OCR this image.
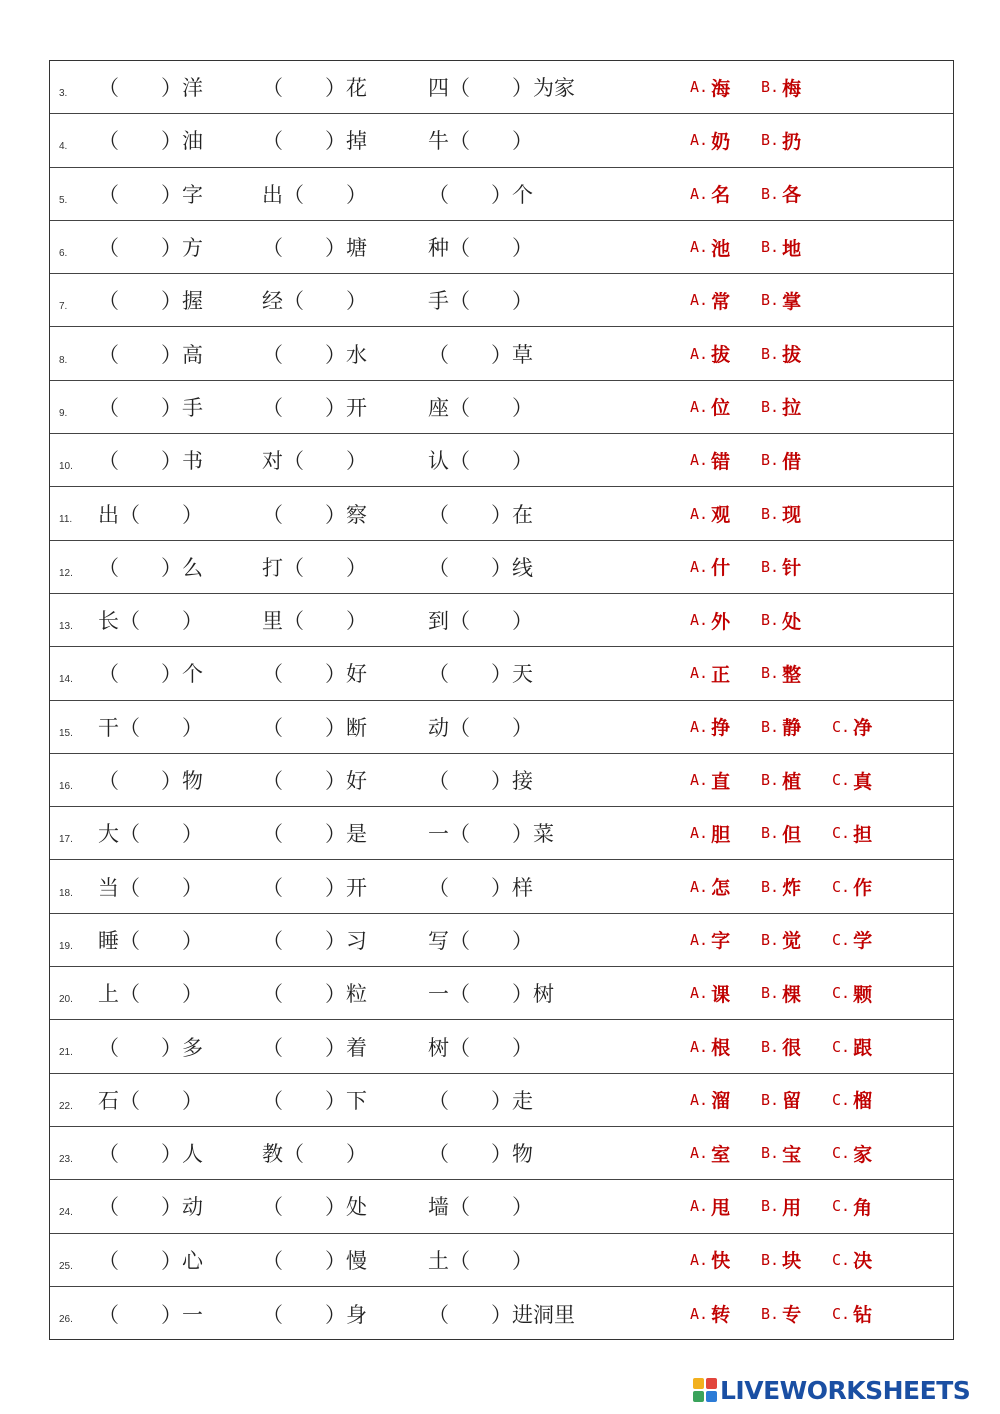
3. （　　）洋	（　　）花	四（　　）为家	A. 海 B. 梅
4. （　　）油	（　　）掉	牛（　　）	A. 奶 B. 扔
5. （　　）字	出（　　）	（　　）个	A. 名 B. 各
6. （　　）方	（　　）塘	种（　　）	A. 池 B. 地
7. （　　）握	经（　　）	手（　　）	A. 常 B. 掌
8. （　　）高	（　　）水	（　　）草	A. 拔 B. 拔
9. （　　）手	（　　）开	座（　　）	A. 位 B. 拉
10. （　　）书	对（　　）	认（　　）	A. 错 B. 借
11. 出（　　）	（　　）察	（　　）在	A. 观 B. 现
12. （　　）么	打（　　）	（　　）线	A. 什 B. 针
13. 长（　　）	里（　　）	到（　　）	A. 外 B. 处
14. （　　）个	（　　）好	（　　）天	A. 正 B. 整
15. 干（　　）	（　　）断	动（　　）	A. 挣 B. 静 C. 净
16. （　　）物	（　　）好	（　　）接	A. 直 B. 植 C. 真
17. 大（　　）	（　　）是	一（　　）菜	A. 胆 B. 但 C. 担
18. 当（　　）	（　　）开	（　　）样	A. 怎 B. 炸 C. 作
19. 睡（　　）	（　　）习	写（　　）	A. 字 B. 觉 C. 学
20. 上（　　）	（　　）粒	一（　　）树	A. 课 B. 棵 C. 颗
21. （　　）多	（　　）着	树（　　）	A. 根 B. 很 C. 跟
22. 石（　　）	（　　）下	（　　）走	A. 溜 B. 留 C. 榴
23. （　　）人	教（　　）	（　　）物	A. 室 B. 宝 C. 家
24. （　　）动	（　　）处	墙（　　）	A. 甩 B. 用 C. 角
25. （　　）心	（　　）慢	土（　　）	A. 快 B. 块 C. 决
26. （　　）一	（　　）身	（　　）进洞里	A. 转 B. 专 C. 钻
LIVEWORKSHEETS
